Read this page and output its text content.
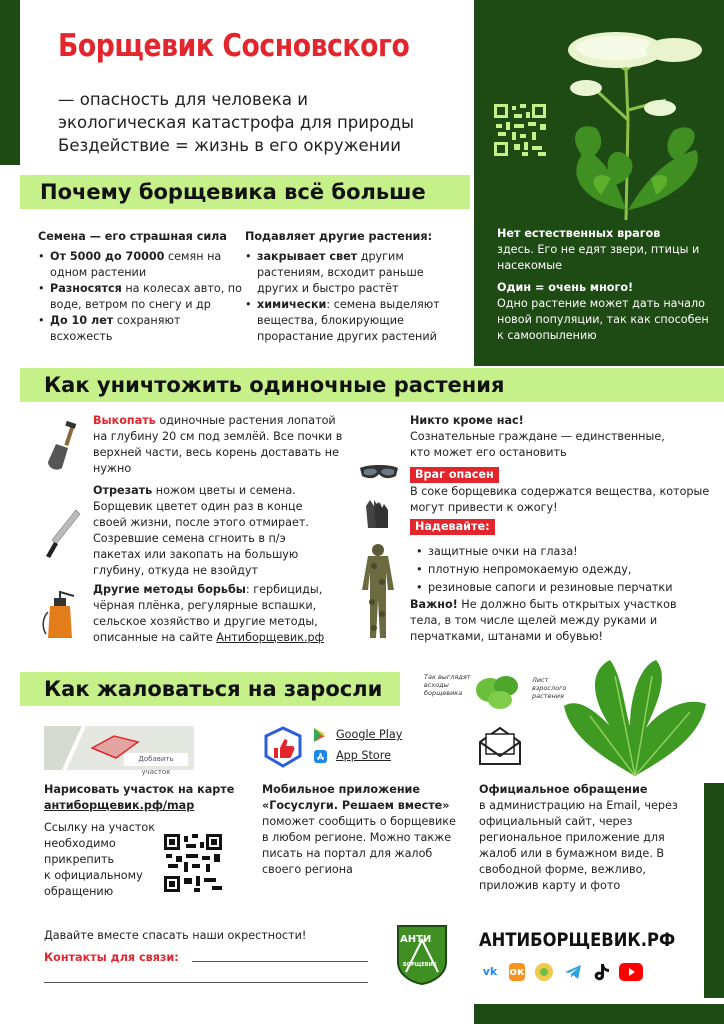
Борщевик Сосновского
— опасность для человека и
экологическая катастрофа для природы
Бездействие = жизнь в его окружении
Почему борщевика всё больше
Семена — его страшная сила
• От 5000 до 70000 семян на одном растении
• Разносятся на колесах авто, по воде, ветром по снегу и др
• До 10 лет сохраняют всхожесть
Подавляет другие растения:
• закрывает свет другим растениям, всходит раньше других и быстро растёт
• химически: семена выделяют вещества, блокирующие прорастание других растений
Нет естественных врагов
здесь. Его не едят звери, птицы и насекомые
Один = очень много!
Одно растение может дать начало новой популяции, так как способен к самоопылению
Как уничтожить одиночные растения
Выкопать одиночные растения лопатой на глубину 20 см под землёй. Все почки в верхней части, весь корень доставать не нужно
Отрезать ножом цветы и семена. Борщевик цветет один раз в конце своей жизни, после этого отмирает. Созревшие семена сгноить в п/э пакетах или закопать на большую глубину, откуда не взойдут
Другие методы борьбы: гербициды, чёрная плёнка, регулярные вспашки, сельское хозяйство и другие методы, описанные на сайте Антиборщевик.рф
Никто кроме нас!
Сознательные граждане — единственные, кто может его остановить
Враг опасен
В соке борщевика содержатся вещества, которые могут привести к ожогу!
Надевайте:
• защитные очки на глаза!
• плотную непромокаемую одежду,
• резиновые сапоги и резиновые перчатки
Важно! Не должно быть открытых участков тела, в том числе щелей между руками и перчатками, штанами и обувью!
Как жаловаться на заросли	Так выглядят всходы борщевика
Лист взрослого растения
Добавить участок
Нарисовать участок на карте
антиборщевик.рф/map
Ссылку на участок
необходимо
прикрепить
к официальному
обращению
Google Play
App Store
Мобильное приложение «Госуслуги. Решаем вместе»
поможет сообщить о борщевике в любом регионе. Можно также писать на портал для жалоб своего региона
Официальное обращение
в администрацию на Email, через официальный сайт, через региональное приложение для жалоб или в бумажном виде. В свободной форме, вежливо, приложив карту и фото
Давайте вместе спасать наши окрестности!
Контакты для связи:
АНТИ
БОРЩЕВИК
АНТИБОРЩЕВИК.РФ
vk ок
